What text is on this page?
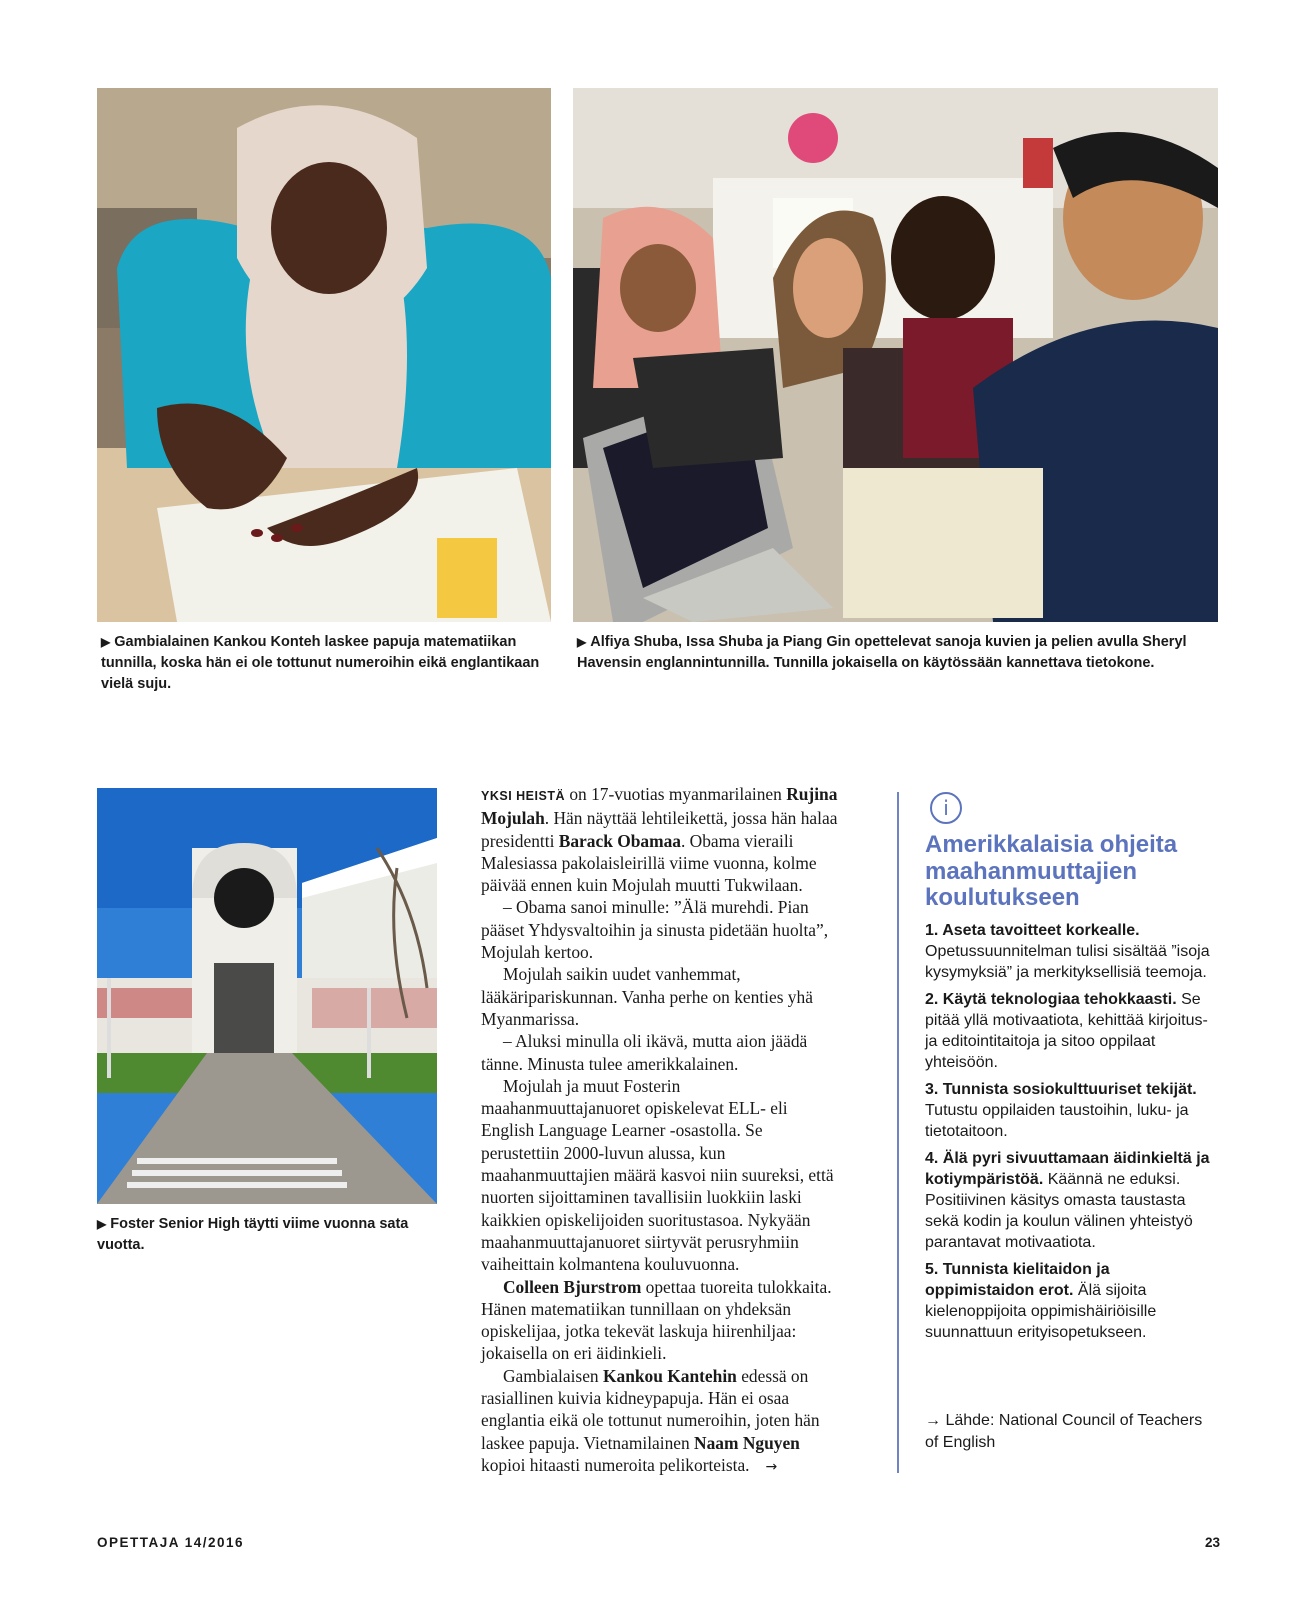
▶ Gambialainen Kankou Konteh laskee papuja matematiikan tunnilla, koska hän ei ole tottunut numeroihin eikä englantikaan vielä suju.
▶ Alfiya Shuba, Issa Shuba ja Piang Gin opettelevat sanoja kuvien ja pelien avulla Sheryl Havensin englannintunnilla. Tunnilla jokaisella on käytössään kannettava tietokone.
▶ Foster Senior High täytti viime vuonna sata vuotta.

YKSI HEISTÄ on 17-vuotias myanmarilainen Rujina Mojulah. Hän näyttää lehtileikettä, jossa hän halaa presidentti Barack Obamaa. Obama vieraili Malesiassa pakolaisleirillä viime vuonna, kolme päivää ennen kuin Mojulah muutti Tukwilaan.

– Obama sanoi minulle: ”Älä murehdi. Pian pääset Yhdysvaltoihin ja sinusta pidetään huolta”, Mojulah kertoo.

Mojulah saikin uudet vanhemmat, lääkäripariskunnan. Vanha perhe on kenties yhä Myanmarissa.

– Aluksi minulla oli ikävä, mutta aion jäädä tänne. Minusta tulee amerikkalainen.

Mojulah ja muut Fosterin maahanmuuttajanuoret opiskelevat ELL- eli English Language Learner -osastolla. Se perustettiin 2000-luvun alussa, kun maahanmuuttajien määrä kasvoi niin suureksi, että nuorten sijoittaminen tavallisiin luokkiin laski kaikkien opiskelijoiden suoritustasoa. Nykyään maahanmuuttajanuoret siirtyvät perusryhmiin vaiheittain kolmantena kouluvuonna.

Colleen Bjurstrom opettaa tuoreita tulokkaita. Hänen matematiikan tunnillaan on yhdeksän opiskelijaa, jotka tekevät laskuja hiirenhiljaa: jokaisella on eri äidinkieli.

Gambialaisen Kankou Kantehin edessä on rasiallinen kuivia kidneypapuja. Hän ei osaa englantia eikä ole tottunut numeroihin, joten hän laskee papuja. Vietnamilainen Naam Nguyen kopioi hitaasti numeroita pelikorteista. →

i
Amerikkalaisia ohjeita maahanmuuttajien koulutukseen
1. Aseta tavoitteet korkealle. Opetussuunnitelman tulisi sisältää ”isoja kysymyksiä” ja merkityksellisiä teemoja.
2. Käytä teknologiaa tehokkaasti. Se pitää yllä motivaatiota, kehittää kirjoitus- ja editointitaitoja ja sitoo oppilaat yhteisöön.
3. Tunnista sosiokulttuuriset tekijät. Tutustu oppilaiden taustoihin, luku- ja tietotaitoon.
4. Älä pyri sivuuttamaan äidinkieltä ja kotiympäristöä. Käännä ne eduksi. Positiivinen käsitys omasta taustasta sekä kodin ja koulun välinen yhteistyö parantavat motivaatiota.
5. Tunnista kielitaidon ja oppimistaidon erot. Älä sijoita kielenoppijoita oppimishäiriöisille suunnattuun erityisopetukseen.
→ Lähde: National Council of Teachers of English
OPETTAJA 14/2016	23
